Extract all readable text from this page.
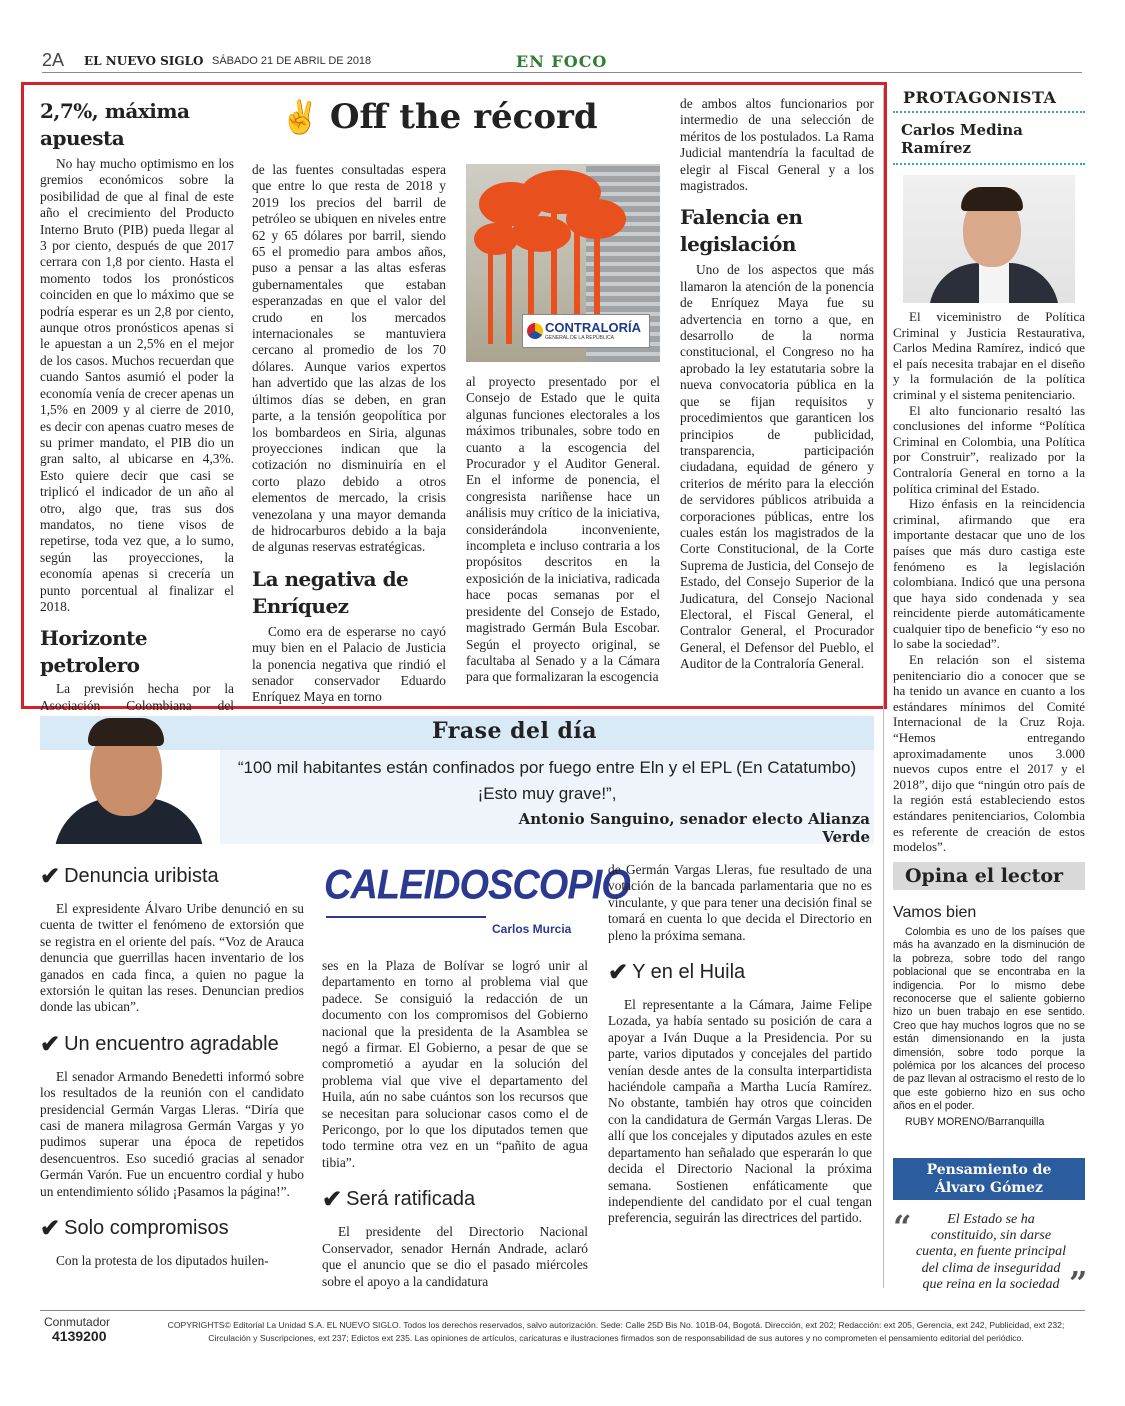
2A EL NUEVO SIGLO SÁBADO 21 DE ABRIL DE 2018	EN FOCO
✌ Off the récord
2,7%, máxima apuesta

No hay mucho optimismo en los gremios económicos sobre la posibilidad de que al final de este año el crecimiento del Producto Interno Bruto (PIB) pueda llegar al 3 por ciento, después de que 2017 cerrara con 1,8 por ciento. Hasta el momento todos los pronósticos coinciden en que lo máximo que se podría esperar es un 2,8 por ciento, aunque otros pronósticos apenas si le apuestan a un 2,5% en el mejor de los casos. Muchos recuerdan que cuando Santos asumió el poder la economía venía de crecer apenas un 1,5% en 2009 y al cierre de 2010, es decir con apenas cuatro meses de su primer mandato, el PIB dio un gran salto, al ubicarse en 4,3%. Esto quiere decir que casi se triplicó el indicador de un año al otro, algo que, tras sus dos mandatos, no tiene visos de repetirse, toda vez que, a lo sumo, según las proyecciones, la economía apenas si crecería un punto porcentual al finalizar el 2018.

Horizonte petrolero

La previsión hecha por la Asociación Colombiana del

de las fuentes consultadas espera que entre lo que resta de 2018 y 2019 los precios del barril de petróleo se ubiquen en niveles entre 62 y 65 dólares por barril, siendo 65 el promedio para ambos años, puso a pensar a las altas esferas gubernamentales que estaban esperanzadas en que el valor del crudo en los mercados internacionales se mantuviera cercano al promedio de los 70 dólares. Aunque varios expertos han advertido que las alzas de los últimos días se deben, en gran parte, a la tensión geopolítica por los bombardeos en Siria, algunas proyecciones indican que la cotización no disminuiría en el corto plazo debido a otros elementos de mercado, la crisis venezolana y una mayor demanda de hidrocarburos debido a la baja de algunas reservas estratégicas.

La negativa de Enríquez

Como era de esperarse no cayó muy bien en el Palacio de Justicia la ponencia negativa que rindió el senador conservador Eduardo Enríquez Maya en torno

CONTRALORÍA
GENERAL DE LA REPÚBLICA

al proyecto presentado por el Consejo de Estado que le quita algunas funciones electorales a los máximos tribunales, sobre todo en cuanto a la escogencia del Procurador y el Auditor General. En el informe de ponencia, el congresista nariñense hace un análisis muy crítico de la iniciativa, considerándola inconveniente, incompleta e incluso contraria a los propósitos descritos en la exposición de la iniciativa, radicada hace pocas semanas por el presidente del Consejo de Estado, magistrado Germán Bula Escobar. Según el proyecto original, se facultaba al Senado y a la Cámara para que formalizaran la escogencia

de ambos altos funcionarios por intermedio de una selección de méritos de los postulados. La Rama Judicial mantendría la facultad de elegir al Fiscal General y a los magistrados.

Falencia en legislación

Uno de los aspectos que más llamaron la atención de la ponencia de Enríquez Maya fue su advertencia en torno a que, en desarrollo de la norma constitucional, el Congreso no ha aprobado la ley estatutaria sobre la nueva convocatoria pública en la que se fijan requisitos y procedimientos que garanticen los principios de publicidad, transparencia, participación ciudadana, equidad de género y criterios de mérito para la elección de servidores públicos atribuida a corporaciones públicas, entre los cuales están los magistrados de la Corte Constitucional, de la Corte Suprema de Justicia, del Consejo de Estado, del Consejo Superior de la Judicatura, del Consejo Nacional Electoral, el Fiscal General, el Contralor General, el Procurador General, el Defensor del Pueblo, el Auditor de la Contraloría General.

PROTAGONISTA
Carlos Medina Ramírez

El viceministro de Política Criminal y Justicia Restaurativa, Carlos Medina Ramírez, indicó que el país necesita trabajar en el diseño y la formulación de la política criminal y el sistema penitenciario.

El alto funcionario resaltó las conclusiones del informe “Política Criminal en Colombia, una Política por Construir”, realizado por la Contraloría General en torno a la política criminal del Estado.

Hizo énfasis en la reincidencia criminal, afirmando que era importante destacar que uno de los países que más duro castiga este fenómeno es la legislación colombiana. Indicó que una persona que haya sido condenada y sea reincidente pierde automáticamente cualquier tipo de beneficio “y eso no lo sabe la sociedad”.

En relación son el sistema penitenciario dio a conocer que se ha tenido un avance en cuanto a los estándares mínimos del Comité Internacional de la Cruz Roja. “Hemos entregando aproximadamente unos 3.000 nuevos cupos entre el 2017 y el 2018”, dijo que “ningún otro país de la región está estableciendo estos estándares penitenciarios, Colombia es referente de creación de estos modelos”.

Frase del día
“100 mil habitantes están confinados por fuego entre Eln y el EPL (En Catatumbo)
¡Esto muy grave!”,
Antonio Sanguino, senador electo Alianza Verde
✔ Denuncia uribista

El expresidente Álvaro Uribe denunció en su cuenta de twitter el fenómeno de extorsión que se registra en el oriente del país. “Voz de Arauca denuncia que guerrillas hacen inventario de los ganados en cada finca, a quien no pague la extorsión le quitan las reses. Denuncian predios donde las ubican”.

✔ Un encuentro agradable

El senador Armando Benedetti informó sobre los resultados de la reunión con el candidato presidencial Germán Vargas Lleras. “Diría que casi de manera milagrosa Germán Vargas y yo pudimos superar una época de repetidos desencuentros. Eso sucedió gracias al senador Germán Varón. Fue un encuentro cordial y hubo un entendimiento sólido ¡Pasamos la página!”.

✔ Solo compromisos

Con la protesta de los diputados huilen-

CALEIDOSCOPIO
Carlos Murcia

ses en la Plaza de Bolívar se logró unir al departamento en torno al problema vial que padece. Se consiguió la redacción de un documento con los compromisos del Gobierno nacional que la presidenta de la Asamblea se negó a firmar. El Gobierno, a pesar de que se comprometió a ayudar en la solución del problema vial que vive el departamento del Huila, aún no sabe cuántos son los recursos que se necesitan para solucionar casos como el de Pericongo, por lo que los diputados temen que todo termine otra vez en un “pañito de agua tibia”.

✔ Será ratificada

El presidente del Directorio Nacional Conservador, senador Hernán Andrade, aclaró que el anuncio que se dio el pasado miércoles sobre el apoyo a la candidatura

de Germán Vargas Lleras, fue resultado de una votación de la bancada parlamentaria que no es vinculante, y que para tener una decisión final se tomará en cuenta lo que decida el Directorio en pleno la próxima semana.

✔ Y en el Huila

El representante a la Cámara, Jaime Felipe Lozada, ya había sentado su posición de cara a apoyar a Iván Duque a la Presidencia. Por su parte, varios diputados y concejales del partido venían desde antes de la consulta interpartidista haciéndole campaña a Martha Lucía Ramírez. No obstante, también hay otros que coinciden con la candidatura de Germán Vargas Lleras. De allí que los concejales y diputados azules en este departamento han señalado que esperarán lo que decida el Directorio Nacional la próxima semana. Sostienen enfáticamente que independiente del candidato por el cual tengan preferencia, seguirán las directrices del partido.

Opina el lector
Vamos bien

Colombia es uno de los países que más ha avanzado en la disminución de la pobreza, sobre todo del rango poblacional que se encontraba en la indigencia. Por lo mismo debe reconocerse que el saliente gobierno hizo un buen trabajo en ese sentido. Creo que hay muchos logros que no se están dimensionando en la justa dimensión, sobre todo porque la polémica por los alcances del proceso de paz llevan al ostracismo el resto de lo que este gobierno hizo en sus ocho años en el poder.

RUBY MORENO/Barranquilla
Pensamiento de
Álvaro Gómez
“	El Estado se ha constituido, sin darse cuenta, en fuente principal del clima de inseguridad que reina en la sociedad ”
Conmutador
4139200
COPYRIGHTS© Editorial La Unidad S.A. EL NUEVO SIGLO. Todos los derechos reservados, salvo autorización. Sede: Calle 25D Bis No. 101B-04, Bogotá. Dirección, ext 202; Redacción: ext 205, Gerencia, ext 242, Publicidad, ext 232;
Circulación y Suscripciones, ext 237; Edictos ext 235. Las opiniones de artículos, caricaturas e ilustraciones firmados son de responsabilidad de sus autores y no comprometen el pensamiento editorial del periódico.
